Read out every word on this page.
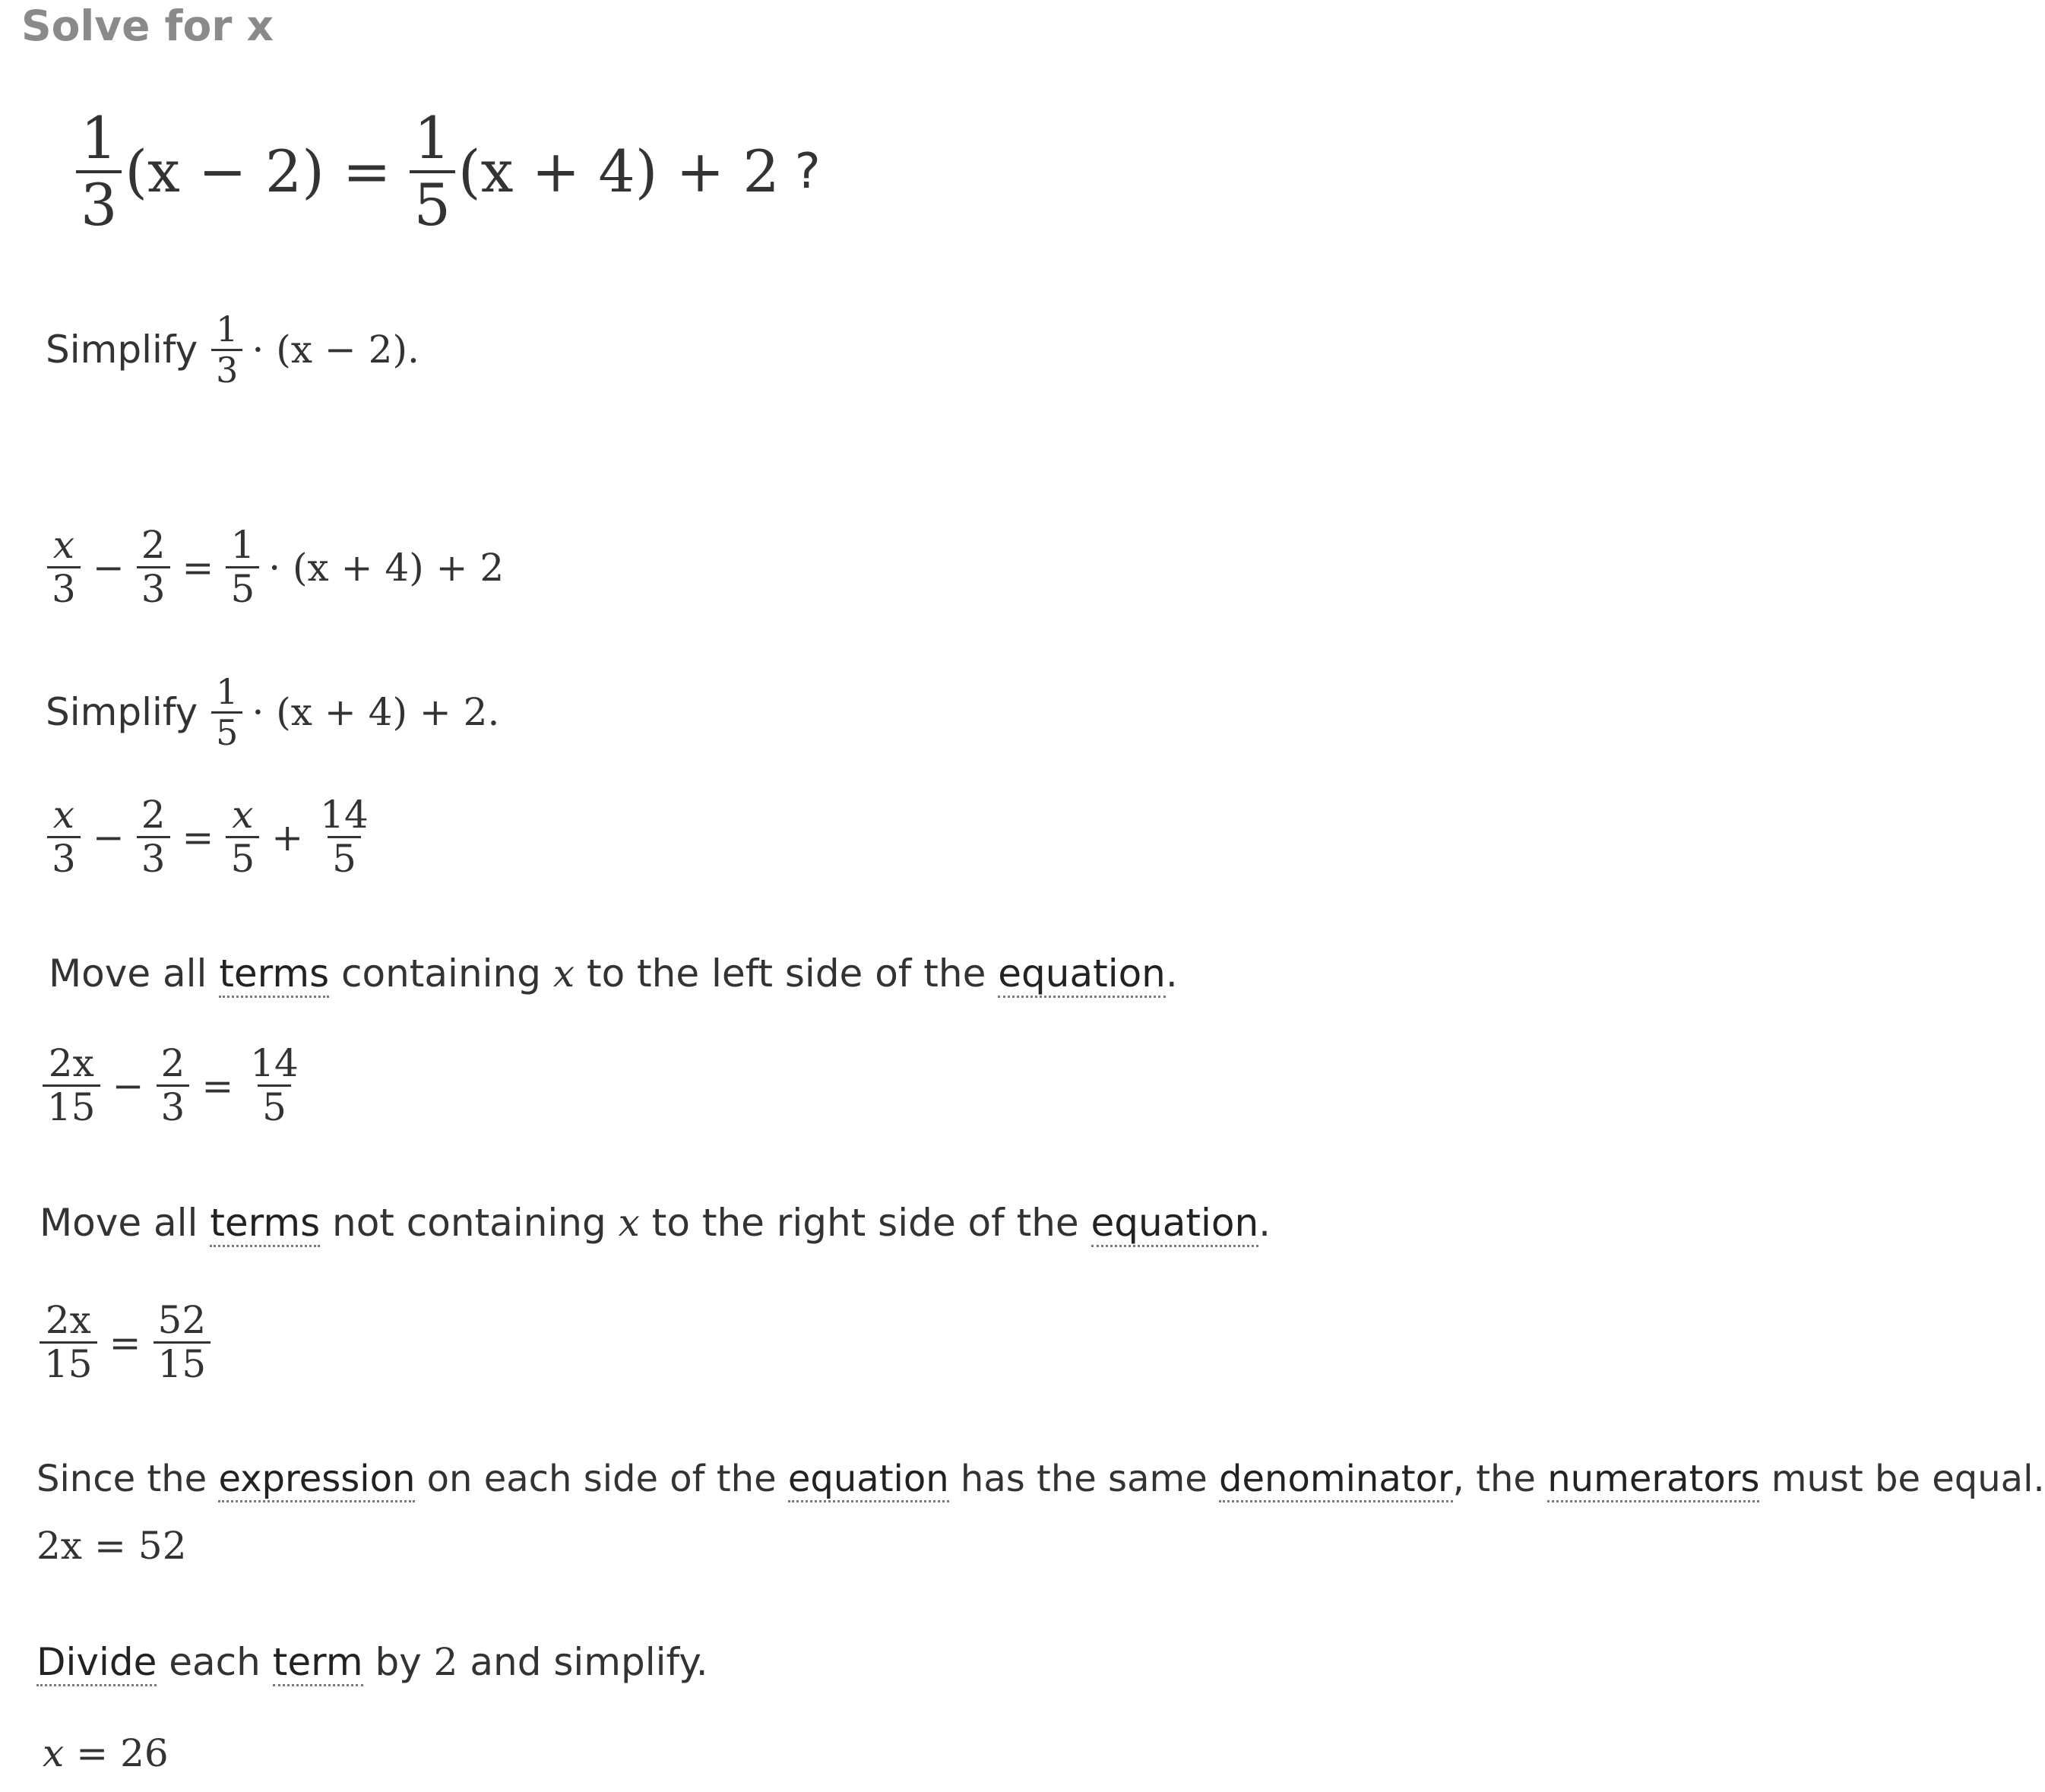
Solve for x
$\frac{1}{3} (x - 2) = \frac{1}{5} (x + 4) + 2$ ?
Simplify $\frac{1}{3} \cdot (x - 2)$.
$\frac{x}{3} - \frac{2}{3} = \frac{1}{5} \cdot (x + 4) + 2$
Simplify $\frac{1}{5} \cdot (x + 4) + 2$.
$\frac{x}{3} - \frac{2}{3} = \frac{x}{5} + \frac{14}{5}$
Move all terms containing x to the left side of the equation.
$\frac{2x}{15} - \frac{2}{3} = \frac{14}{5}$
Move all terms not containing x to the right side of the equation.
$\frac{2x}{15} = \frac{52}{15}$
Since the expression on each side of the equation has the same denominator, the numerators must be equal.
2x = 52
Divide each term by 2 and simplify.
x = 26
